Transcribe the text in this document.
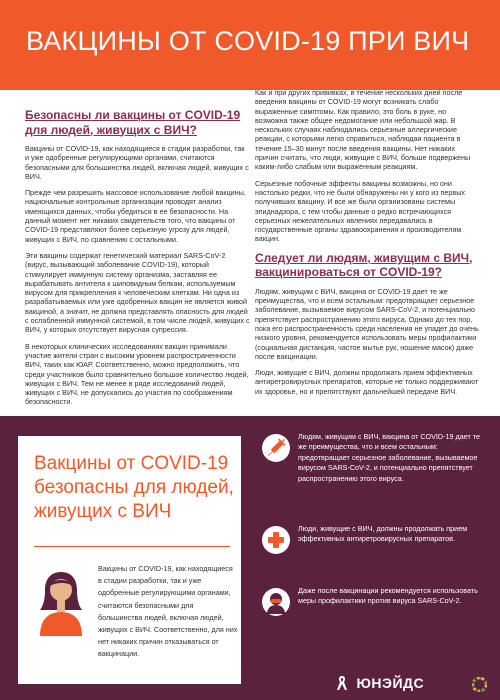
ВАКЦИНЫ ОТ COVID-19 ПРИ ВИЧ
Безопасны ли вакцины от COVID-19 для людей, живущих с ВИЧ?

Вакцины от COVID-19, как находящиеся в стадии разработки, так и уже одобренные регулирующими органами, считаются безопасными для большинства людей, включая людей, живущих с ВИЧ.

Прежде чем разрешить массовое использование любой вакцины, национальные контрольные организации проводят анализ имеющихся данных, чтобы убедиться в ее безопасности. На данный момент нет никаких свидетельств того, что вакцины от COVID-19 представляют более серьезную угрозу для людей, живущих с ВИЧ, по сравнению с остальными.

Эти вакцины содержат генетический материал SARS-CoV-2 (вирус, вызывающий заболевание COVID-19), который стимулирует иммунную систему организма, заставляя ее вырабатывать антитела к шиповидным белкам, используемым вирусом для прикрепления к человеческим клеткам. Ни одна из разрабатываемых или уже одобренных вакцин не является живой вакциной, а значит, не должна представлять опасность для людей с ослабленной иммунной системой, в том числе людей, живущих с ВИЧ, у которых отсутствует вирусная супрессия.

В некоторых клинических исследованиях вакцин принимали участие жители стран с высоким уровнем распространенности ВИЧ, таких как ЮАР. Соответственно, можно предположить, что среди участников было сравнительно большое количество людей, живущих с ВИЧ. Тем не менее в ряде исследований людей, живущих с ВИЧ, не допускались до участия по соображениям безопасности.

Как и при других прививках, в течение нескольких дней после введения вакцины от COVID-19 могут возникать слабо выраженные симптомы. Как правило, это боль в руке, но возможна также общее недомогание или небольшой жар. В нескольких случаях наблюдались серьезные аллергические реакции, с которыми легко справиться, наблюдая пациента в течение 15–30 минут после введения вакцины. Нет никаких причин считать, что люди, живущие с ВИЧ, больше подвержены каким-либо слабым или выраженным реакциям.

Серьезные побочные эффекты вакцины возможны, но они настолько редки, что не были обнаружены ни у кого из первых получивших вакцину. И все же были организованы системы эпиднадзора, с тем чтобы данные о редко встречающихся серьезных нежелательных явлениях передавались в государственные органы здравоохранения и производителям вакцин.

Следует ли людям, живущим с ВИЧ, вакцинироваться от COVID-19?

Людям, живущим с ВИЧ, вакцина от COVID-19 дает те же преимущества, что и всем остальным: предотвращает серьезное заболевание, вызываемое вирусом SARS-CoV-2, и потенциально препятствует распространению этого вируса. Однако до тех пор, пока его распространенность среди населения не упадет до очень низкого уровня, рекомендуется использовать меры профилактики (социальная дистанция, частое мытье рук, ношение масок) даже после вакцинации.

Люди, живущие с ВИЧ, должны продолжать прием эффективных антиретровирусных препаратов, которые не только поддерживают их здоровье, но и препятствуют дальнейшей передаче ВИЧ.

Вакцины от COVID-19 безопасны для людей, живущих с ВИЧ

Вакцины от COVID-19, как находящиеся в стадии разработки, так и уже одобренные регулирующими органами, считаются безопасными для большинства людей, включая людей, живущих с ВИЧ. Соответственно, для них нет никаких причин отказываться от вакцинации.

Людям, живущим с ВИЧ, вакцина от COVID-19 дает те же преимущества, что и всем остальным: предотвращает серьезное заболевание, вызываемое вирусом SARS-CoV-2, и потенциально препятствует распространению этого вируса.
Люди, живущие с ВИЧ, должны продолжать прием эффективных антиретровирусных препаратов.
Даже после вакцинации рекомендуется использовать меры профилактики против вируса SARS-CoV-2.
ЮНЭЙДС
